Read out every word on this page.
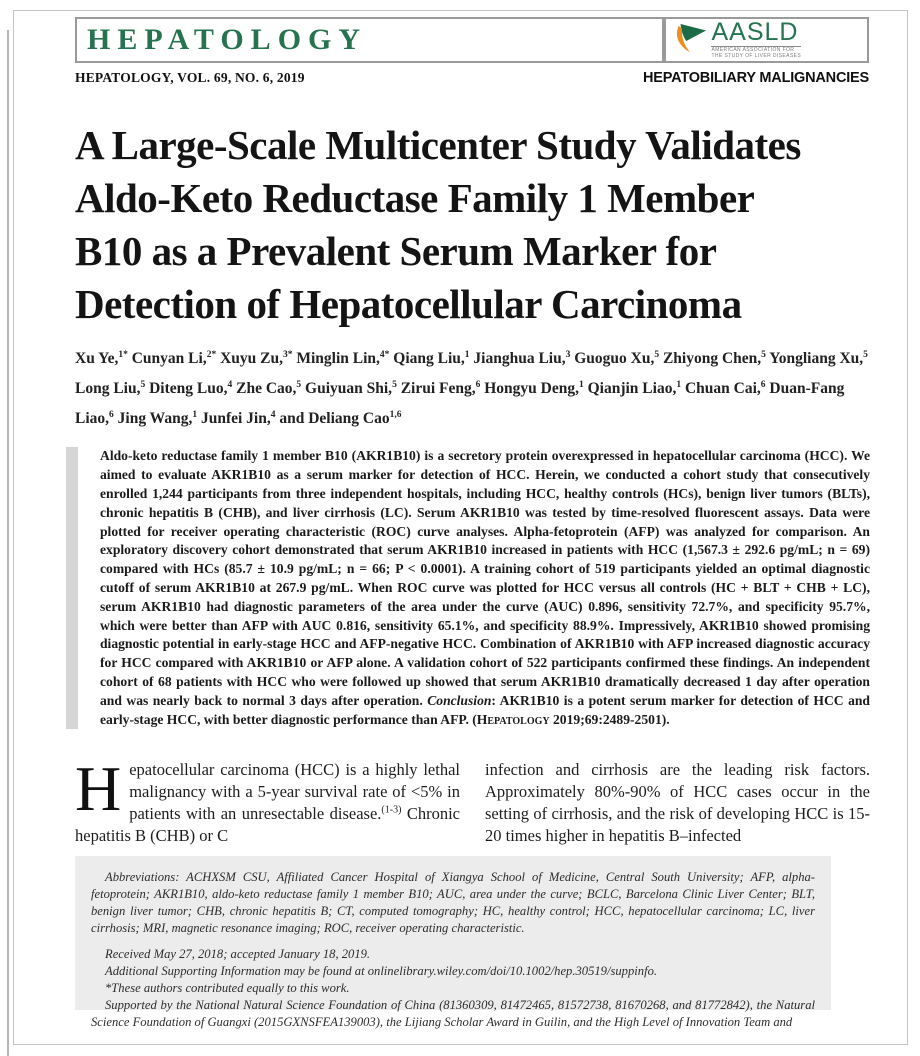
HEPATOLOGY	AASLD
AMERICAN ASSOCIATION FOR
THE STUDY OF LIVER DISEASES
HEPATOLOGY, VOL. 69, NO. 6, 2019	HEPATOBILIARY MALIGNANCIES
A Large-Scale Multicenter Study Validates
Aldo-Keto Reductase Family 1 Member
B10 as a Prevalent Serum Marker for
Detection of Hepatocellular Carcinoma
Xu Ye,$^{1*}$ Cunyan Li,$^{2*}$ Xuyu Zu,$^{3*}$ Minglin Lin,$^{4*}$ Qiang Liu,$^1$ Jianghua Liu,$^3$ Guoguo Xu,$^5$ Zhiyong Chen,$^5$ Yongliang Xu,$^5$ Long Liu,$^5$ Diteng Luo,$^4$ Zhe Cao,$^5$ Guiyuan Shi,$^5$ Zirui Feng,$^6$ Hongyu Deng,$^1$ Qianjin Liao,$^1$ Chuan Cai,$^6$ Duan-Fang Liao,$^6$ Jing Wang,$^1$ Junfei Jin,$^4$ and Deliang Cao$^{1,6}$
Aldo-keto reductase family 1 member B10 (AKR1B10) is a secretory protein overexpressed in hepatocellular carcinoma (HCC). We aimed to evaluate AKR1B10 as a serum marker for detection of HCC. Herein, we conducted a cohort study that consecutively enrolled 1,244 participants from three independent hospitals, including HCC, healthy controls (HCs), benign liver tumors (BLTs), chronic hepatitis B (CHB), and liver cirrhosis (LC). Serum AKR1B10 was tested by time-resolved fluorescent assays. Data were plotted for receiver operating characteristic (ROC) curve analyses. Alpha-fetoprotein (AFP) was analyzed for comparison. An exploratory discovery cohort demonstrated that serum AKR1B10 increased in patients with HCC (1,567.3 ± 292.6 pg/mL; n = 69) compared with HCs (85.7 ± 10.9 pg/mL; n = 66; P < 0.0001). A training cohort of 519 participants yielded an optimal diagnostic cutoff of serum AKR1B10 at 267.9 pg/mL. When ROC curve was plotted for HCC versus all controls (HC + BLT + CHB + LC), serum AKR1B10 had diagnostic parameters of the area under the curve (AUC) 0.896, sensitivity 72.7%, and specificity 95.7%, which were better than AFP with AUC 0.816, sensitivity 65.1%, and specificity 88.9%. Impressively, AKR1B10 showed promising diagnostic potential in early-stage HCC and AFP-negative HCC. Combination of AKR1B10 with AFP increased diagnostic accuracy for HCC compared with AKR1B10 or AFP alone. A validation cohort of 522 participants confirmed these findings. An independent cohort of 68 patients with HCC who were followed up showed that serum AKR1B10 dramatically decreased 1 day after operation and was nearly back to normal 3 days after operation. Conclusion: AKR1B10 is a potent serum marker for detection of HCC and early-stage HCC, with better diagnostic performance than AFP. (Hepatology 2019;69:2489-2501).
Hepatocellular carcinoma (HCC) is a highly lethal malignancy with a 5-year survival rate of <5% in patients with an unresectable disease.$^{(1-3)}$ Chronic hepatitis B (CHB) or C
infection and cirrhosis are the leading risk factors. Approximately 80%-90% of HCC cases occur in the setting of cirrhosis, and the risk of developing HCC is 15-20 times higher in hepatitis B–infected

Abbreviations: ACHXSM CSU, Affiliated Cancer Hospital of Xiangya School of Medicine, Central South University; AFP, alpha-fetoprotein; AKR1B10, aldo-keto reductase family 1 member B10; AUC, area under the curve; BCLC, Barcelona Clinic Liver Center; BLT, benign liver tumor; CHB, chronic hepatitis B; CT, computed tomography; HC, healthy control; HCC, hepatocellular carcinoma; LC, liver cirrhosis; MRI, magnetic resonance imaging; ROC, receiver operating characteristic.

Received May 27, 2018; accepted January 18, 2019.

Additional Supporting Information may be found at onlinelibrary.wiley.com/doi/10.1002/hep.30519/suppinfo.

*These authors contributed equally to this work.

Supported by the National Natural Science Foundation of China (81360309, 81472465, 81572738, 81670268, and 81772842), the Natural Science Foundation of Guangxi (2015GXNSFEA139003), the Lijiang Scholar Award in Guilin, and the High Level of Innovation Team and
